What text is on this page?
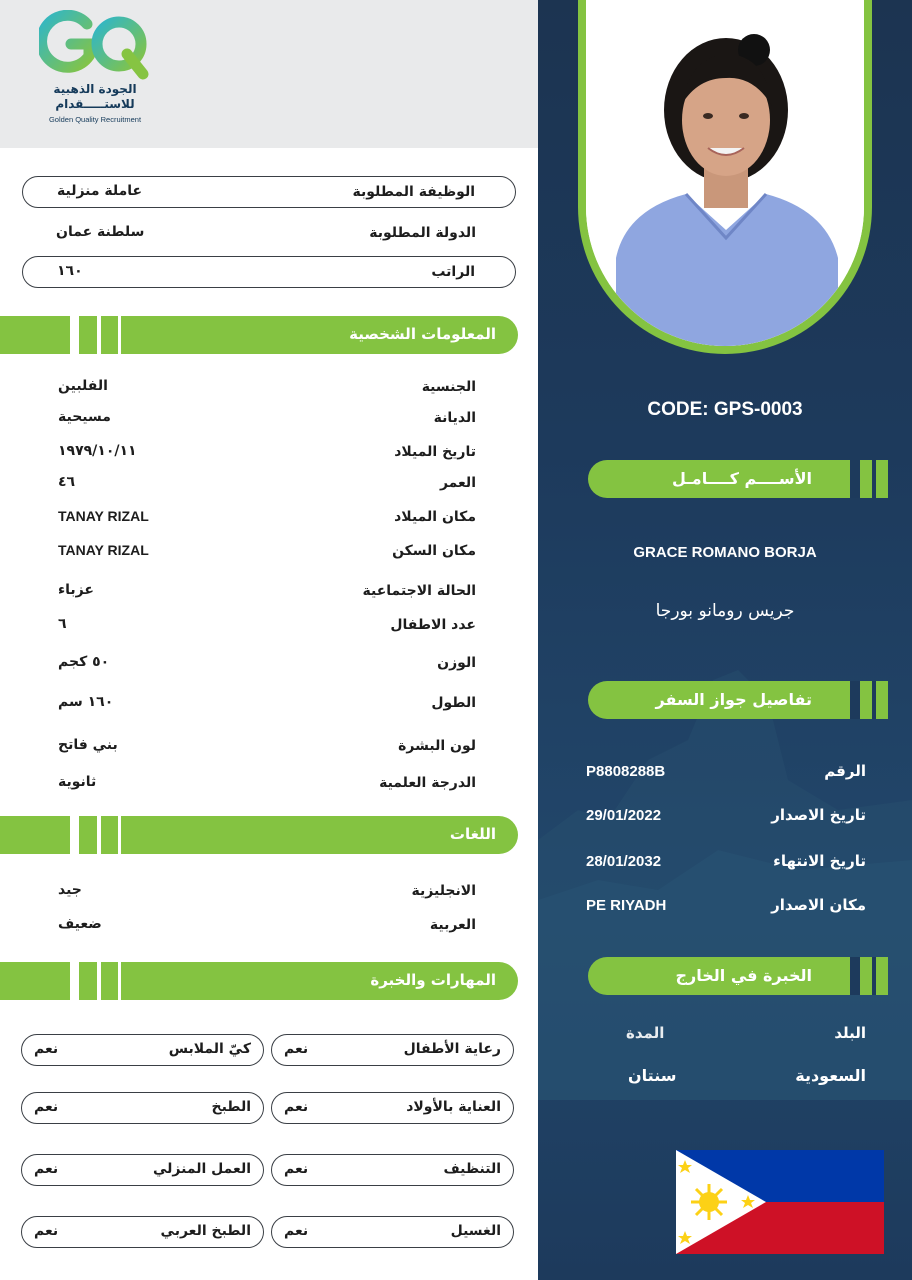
الجودة الذهبية
للاستـــــقدام
Golden Quality Recruitment
الوظيفة المطلوبة
عاملة منزلية
الدولة المطلوبة
سلطنة عمان
الراتب
١٦٠
المعلومات الشخصية
الجنسية
الفلبين
الديانة
مسيحية
تاريخ الميلاد
١٩٧٩/١٠/١١
العمر
٤٦
مكان الميلاد
TANAY RIZAL
مكان السكن
TANAY RIZAL
الحالة الاجتماعية
عزباء
عدد الاطفال
٦
الوزن
٥٠ كجم
الطول
١٦٠ سم
لون البشرة
بني فاتح
الدرجة العلمية
ثانوية
اللغات
الانجليزية
جيد
العربية
ضعيف
المهارات والخبرة
رعاية الأطفال
نعم
كيّ الملابس
نعم
العناية بالأولاد
نعم
الطبخ
نعم
التنظيف
نعم
العمل المنزلي
نعم
الغسيل
نعم
الطبخ العربي
نعم
CODE: GPS-0003
الأســــم كــــامـل
GRACE ROMANO BORJA
جريس رومانو بورجا
تفاصيل جواز السفر
الرقم
P8808288B
تاريخ الاصدار
29/01/2022
تاريخ الانتهاء
28/01/2032
مكان الاصدار
PE RIYADH
الخبرة في الخارج
البلد
المدة
السعودية
سنتان
